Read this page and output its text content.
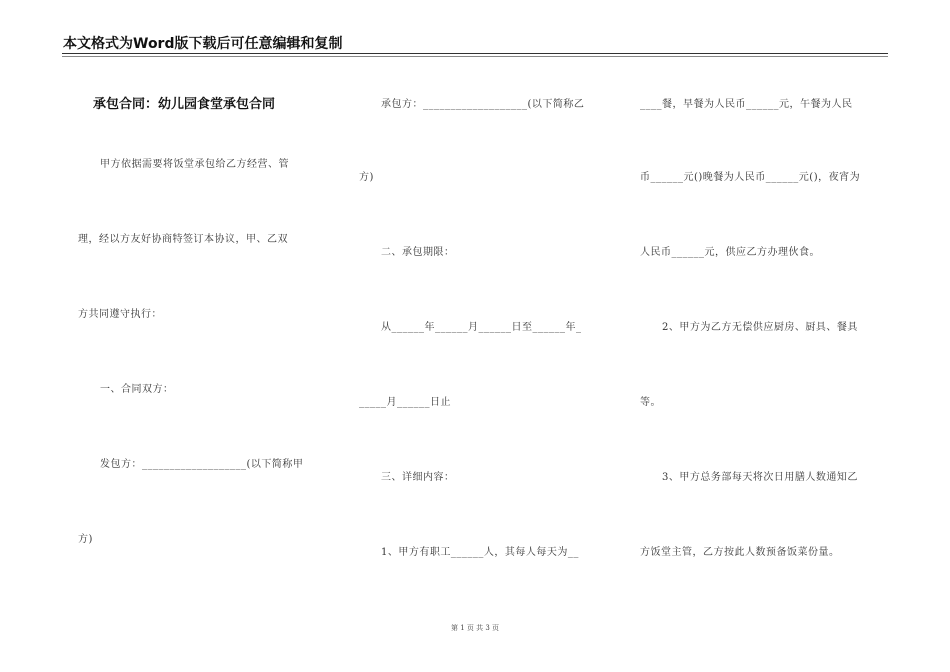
本文格式为Word版下载后可任意编辑和复制
承包合同：幼儿园食堂承包合同
甲方依据需要将饭堂承包给乙方经营、管
理，经以方友好协商特签订本协议，甲、乙双
方共同遵守执行：
一、合同双方：
发包方：___________________(以下简称甲
方)
承包方：___________________(以下简称乙
方)
二、承包期限：
从______年______月______日至______年_
_____月______日止
三、详细内容：
1、甲方有职工______人，其每人每天为__
____餐，早餐为人民币______元，午餐为人民
币______元()晚餐为人民币______元()，夜宵为
人民币______元，供应乙方办理伙食。
2、甲方为乙方无偿供应厨房、厨具、餐具
等。
3、甲方总务部每天将次日用膳人数通知乙
方饭堂主管，乙方按此人数预备饭菜份量。
第 1 页 共 3 页
